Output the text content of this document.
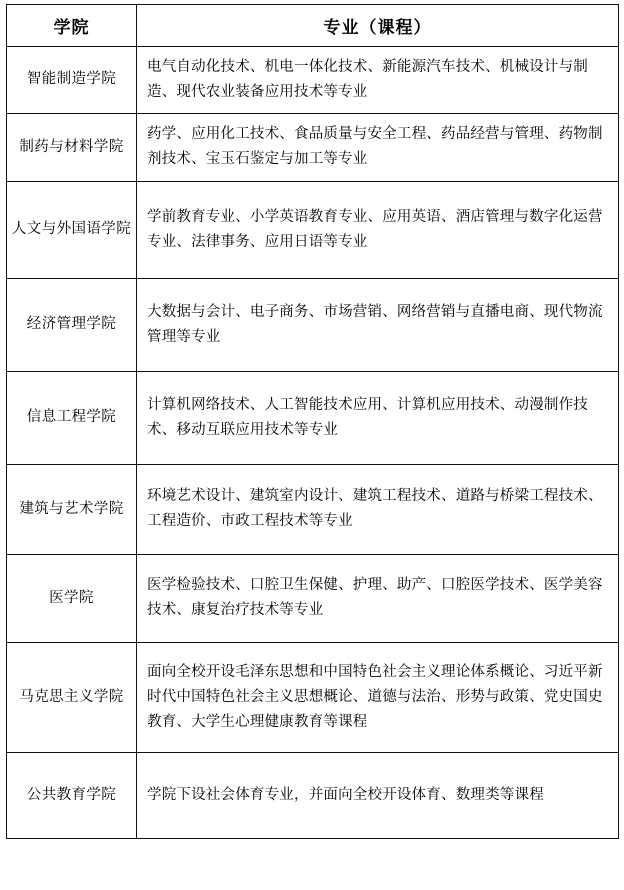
学院	专业（课程）
智能制造学院	电气自动化技术、机电一体化技术、新能源汽车技术、机械设计与制造、现代农业装备应用技术等专业
制药与材料学院	药学、应用化工技术、食品质量与安全工程、药品经营与管理、药物制剂技术、宝玉石鉴定与加工等专业
人文与外国语学院	学前教育专业、小学英语教育专业、应用英语、酒店管理与数字化运营专业、法律事务、应用日语等专业
经济管理学院	大数据与会计、电子商务、市场营销、网络营销与直播电商、现代物流管理等专业
信息工程学院	计算机网络技术、人工智能技术应用、计算机应用技术、动漫制作技术、移动互联应用技术等专业
建筑与艺术学院	环境艺术设计、建筑室内设计、建筑工程技术、道路与桥梁工程技术、工程造价、市政工程技术等专业
医学院	医学检验技术、口腔卫生保健、护理、助产、口腔医学技术、医学美容技术、康复治疗技术等专业
马克思主义学院	面向全校开设毛泽东思想和中国特色社会主义理论体系概论、习近平新时代中国特色社会主义思想概论、道德与法治、形势与政策、党史国史教育、大学生心理健康教育等课程
公共教育学院	学院下设社会体育专业，并面向全校开设体育、数理类等课程
